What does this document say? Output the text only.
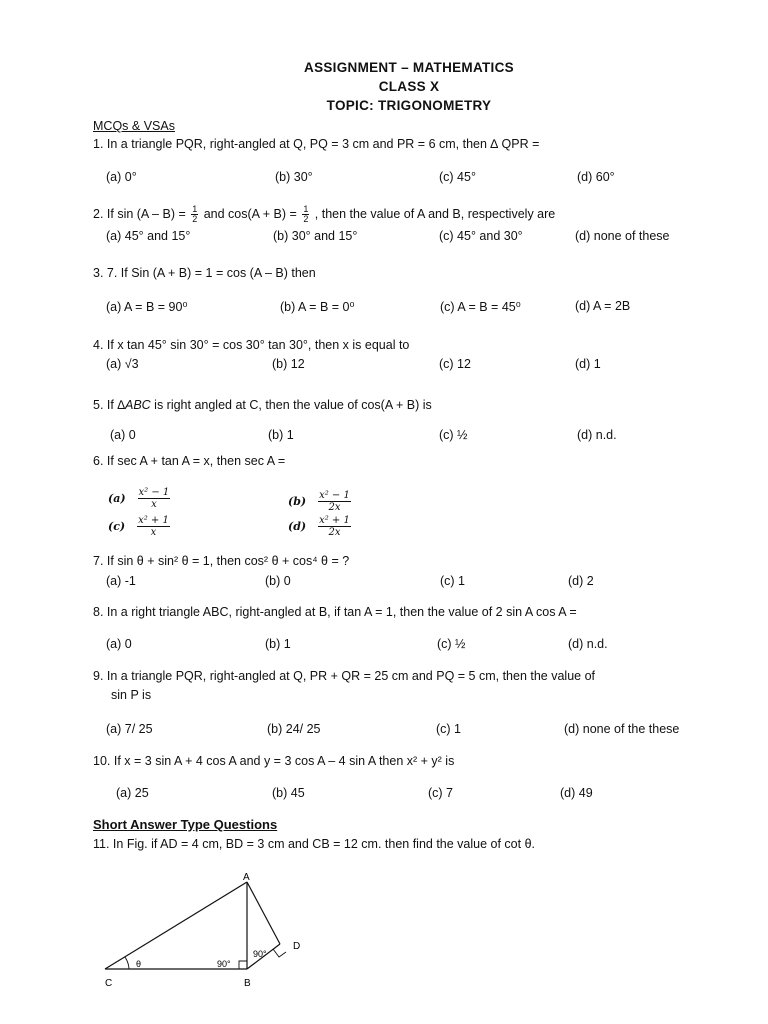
ASSIGNMENT – MATHEMATICS
CLASS X
TOPIC: TRIGONOMETRY
MCQs & VSAs
1. In a triangle PQR, right-angled at Q, PQ = 3 cm and PR = 6 cm, then ∆ QPR =
(a) 0°	(b) 30°	(c) 45°	(d) 60°
2. If $\sin (A - B) = \frac{1}{2}$ and $\cos(A + B) = \frac{1}{2}$ , then the value of A and B, respectively are
(a) 45° and 15°	(b) 30° and 15°	(c) 45° and 30°	(d) none of these
3. 7. If Sin (A + B) = 1 = cos (A – B) then
(a) A = B = 90⁰	(b) A = B = 0⁰	(c) A = B = 45⁰	(d) A = 2B
4. If x tan 45° sin 30° = cos 30° tan 30°, then x is equal to
(a) √3	(b) 12	(c) 12	(d) 1
5. If ∆ABC is right angled at C, then the value of cos(A + B) is
(a) 0	(b) 1	(c) ½	(d) n.d.
6. If sec A + tan A = x, then sec A =
$(a) \frac{\text{x² − 1}}{x}$	$(b) \frac{\text{x² − 1}}{2x}$
$(c) \frac{\text{x² + 1}}{x}$	$(d) \frac{\text{x² + 1}}{2x}$
7. If sin θ + sin² θ = 1, then cos² θ + cos⁴ θ = ?
(a) -1	(b) 0	(c) 1	(d) 2
8. In a right triangle ABC, right-angled at B, if tan A = 1, then the value of 2 sin A cos A =
(a) 0	(b) 1	(c) ½	(d) n.d.
9. In a triangle PQR, right-angled at Q, PR + QR = 25 cm and PQ = 5 cm, then the value of
sin P is
(a) 7/ 25	(b) 24/ 25	(c) 1	(d) none of the these
10. If x = 3 sin A + 4 cos A and y = 3 cos A – 4 sin A then x² + y² is
(a) 25	(b) 45	(c) 7	(d) 49
Short Answer Type Questions
11. In Fig. if AD = 4 cm, BD = 3 cm and CB = 12 cm. then find the value of cot θ.
A
B
C
D
θ	90°
90°
